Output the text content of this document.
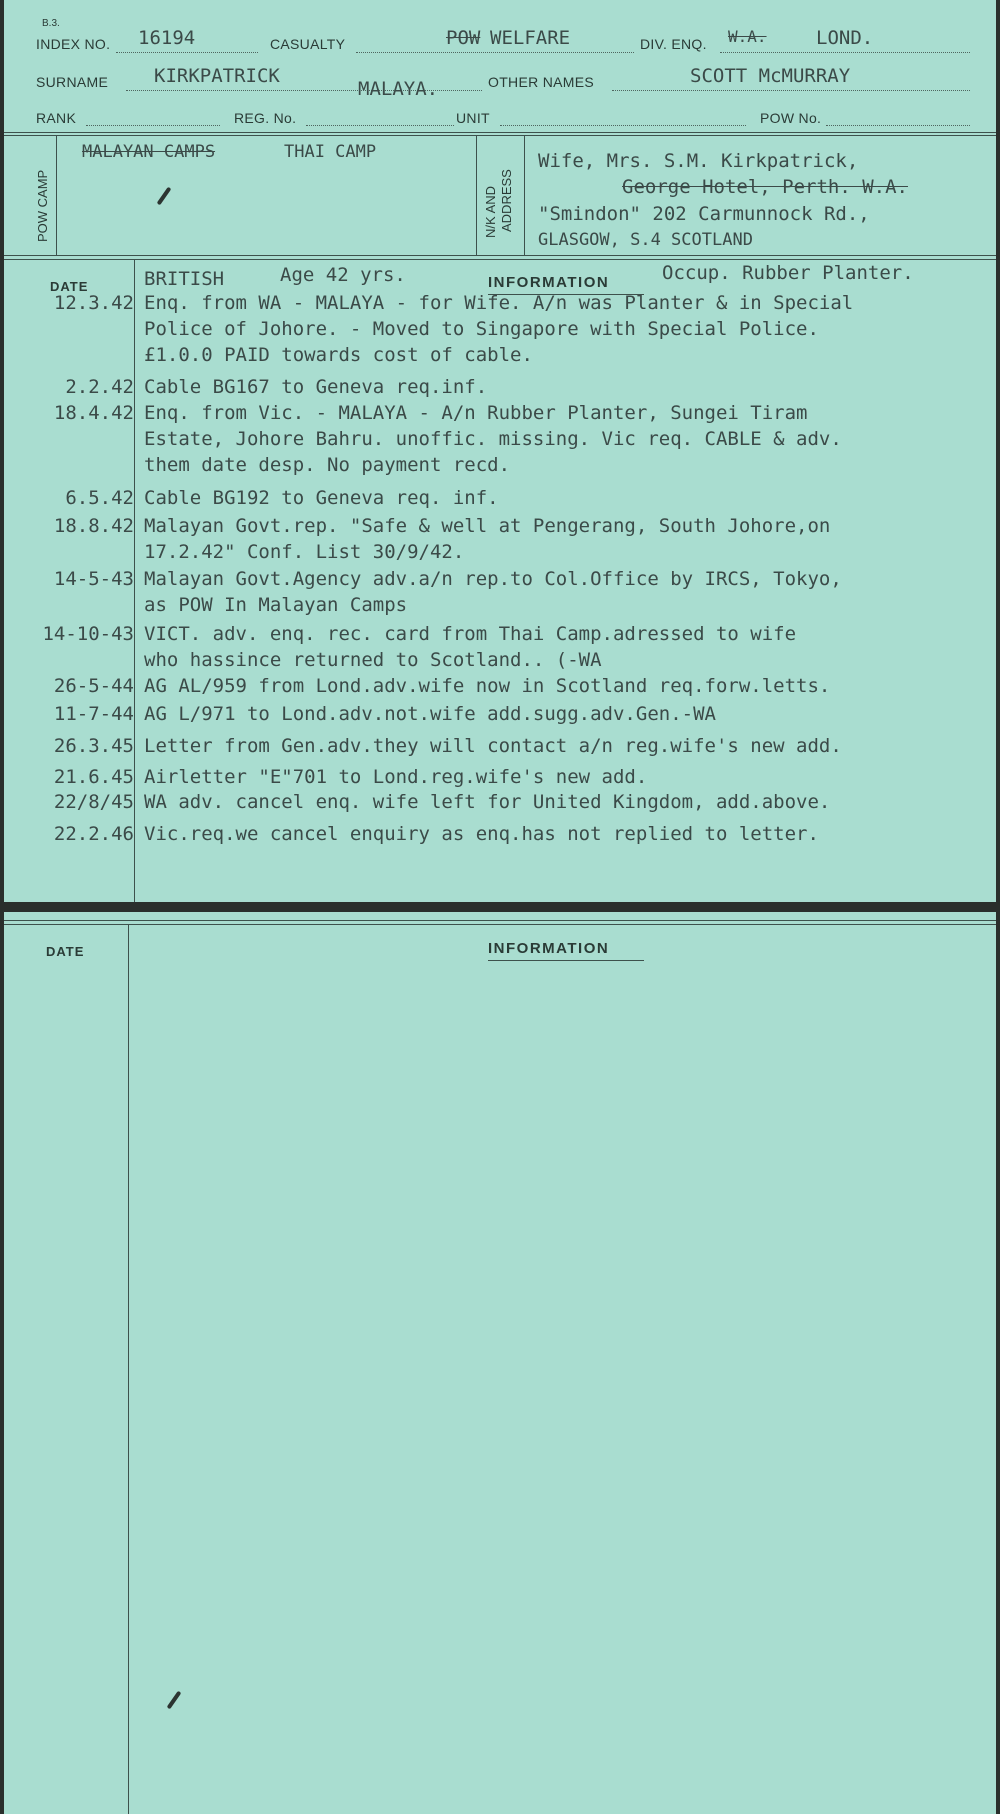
B.3.
INDEX NO. 16194	CASUALTY	POW WELFARE	DIV. ENQ. W.A.	LOND.
SURNAME KIRKPATRICK
MALAYA.	OTHER NAMES	SCOTT McMURRAY
RANK	REG. No.	UNIT	POW No.
POW CAMP
MALAYAN CAMPS	THAI CAMP
N/K AND ADDRESS
Wife, Mrs. S.M. Kirkpatrick,
George Hotel, Perth. W.A.
"Smindon" 202 Carmunnock Rd.,
GLASGOW, S.4 SCOTLAND
DATE	INFORMATION
BRITISH	Age 42 yrs.	Occup. Rubber Planter.
12.3.42 Enq. from WA - MALAYA - for Wife. A/n was Planter & in Special
Police of Johore. - Moved to Singapore with Special Police.
£1.0.0 PAID towards cost of cable.
2.2.42 Cable BG167 to Geneva req.inf.
18.4.42 Enq. from Vic. - MALAYA - A/n Rubber Planter, Sungei Tiram
Estate, Johore Bahru. unoffic. missing. Vic req. CABLE & adv.
them date desp. No payment recd.
6.5.42 Cable BG192 to Geneva req. inf.
18.8.42 Malayan Govt.rep. "Safe & well at Pengerang, South Johore,on
17.2.42" Conf. List 30/9/42.
14-5-43 Malayan Govt.Agency adv.a/n rep.to Col.Office by IRCS, Tokyo,
as POW In Malayan Camps
14-10-43 VICT. adv. enq. rec. card from Thai Camp.adressed to wife
who hassince returned to Scotland.. (-WA
26-5-44 AG AL/959 from Lond.adv.wife now in Scotland req.forw.letts.
11-7-44 AG L/971 to Lond.adv.not.wife add.sugg.adv.Gen.-WA
26.3.45 Letter from Gen.adv.they will contact a/n reg.wife's new add.
21.6.45 Airletter "E"701 to Lond.reg.wife's new add.
22/8/45 WA adv. cancel enq. wife left for United Kingdom, add.above.
22.2.46 Vic.req.we cancel enquiry as enq.has not replied to letter.
DATE	INFORMATION
